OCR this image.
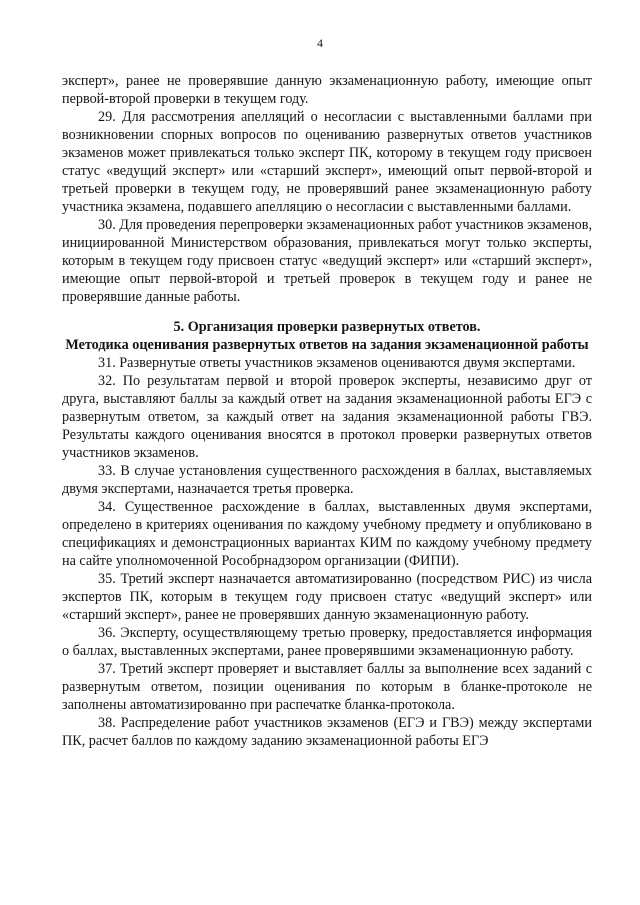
4

эксперт», ранее не проверявшие данную экзаменационную работу, имеющие опыт первой-второй проверки в текущем году.

29. Для рассмотрения апелляций о несогласии с выставленными баллами при возникновении спорных вопросов по оцениванию развернутых ответов участников экзаменов может привлекаться только эксперт ПК, которому в текущем году присвоен статус «ведущий эксперт» или «старший эксперт», имеющий опыт первой-второй и третьей проверки в текущем году, не проверявший ранее экзаменационную работу участника экзамена, подавшего апелляцию о несогласии с выставленными баллами.

30. Для проведения перепроверки экзаменационных работ участников экзаменов, инициированной Министерством образования, привлекаться могут только эксперты, которым в текущем году присвоен статус «ведущий эксперт» или «старший эксперт», имеющие опыт первой-второй и третьей проверок в текущем году и ранее не проверявшие данные работы.

5. Организация проверки развернутых ответов.
Методика оценивания развернутых ответов на задания экзаменационной работы

31. Развернутые ответы участников экзаменов оцениваются двумя экспертами.

32. По результатам первой и второй проверок эксперты, независимо друг от друга, выставляют баллы за каждый ответ на задания экзаменационной работы ЕГЭ с развернутым ответом, за каждый ответ на задания экзаменационной работы ГВЭ. Результаты каждого оценивания вносятся в протокол проверки развернутых ответов участников экзаменов.

33. В случае установления существенного расхождения в баллах, выставляемых двумя экспертами, назначается третья проверка.

34. Существенное расхождение в баллах, выставленных двумя экспертами, определено в критериях оценивания по каждому учебному предмету и опубликовано в спецификациях и демонстрационных вариантах КИМ по каждому учебному предмету на сайте уполномоченной Рособрнадзором организации (ФИПИ).

35. Третий эксперт назначается автоматизированно (посредством РИС) из числа экспертов ПК, которым в текущем году присвоен статус «ведущий эксперт» или «старший эксперт», ранее не проверявших данную экзаменационную работу.

36. Эксперту, осуществляющему третью проверку, предоставляется информация о баллах, выставленных экспертами, ранее проверявшими экзаменационную работу.

37. Третий эксперт проверяет и выставляет баллы за выполнение всех заданий с развернутым ответом, позиции оценивания по которым в бланке-протоколе не заполнены автоматизированно при распечатке бланка-протокола.

38. Распределение работ участников экзаменов (ЕГЭ и ГВЭ) между экспертами ПК, расчет баллов по каждому заданию экзаменационной работы ЕГЭ
